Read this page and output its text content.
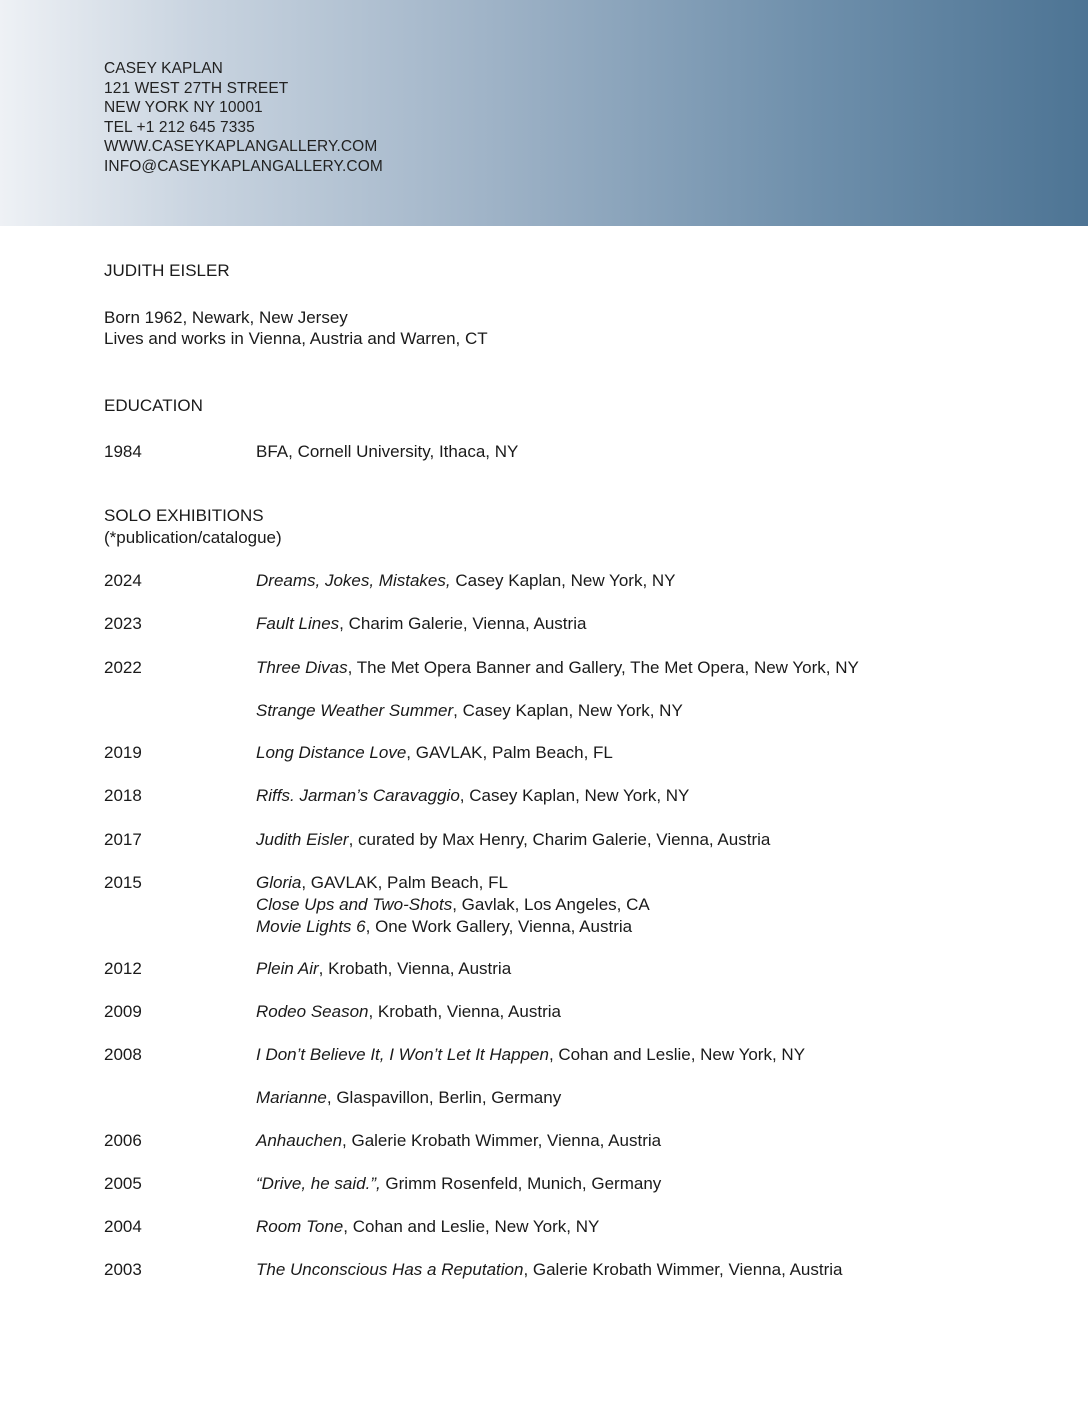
CASEY KAPLAN
121 WEST 27TH STREET
NEW YORK NY 10001
TEL +1 212 645 7335
WWW.CASEYKAPLANGALLERY.COM
INFO@CASEYKAPLANGALLERY.COM
JUDITH EISLER
Born 1962, Newark, New Jersey
Lives and works in Vienna, Austria and Warren, CT
EDUCATION
1984	BFA, Cornell University, Ithaca, NY
SOLO EXHIBITIONS
(*publication/catalogue)
2024	Dreams, Jokes, Mistakes, Casey Kaplan, New York, NY
2023	Fault Lines, Charim Galerie, Vienna, Austria
2022	Three Divas, The Met Opera Banner and Gallery, The Met Opera, New York, NY
Strange Weather Summer, Casey Kaplan, New York, NY
2019	Long Distance Love, GAVLAK, Palm Beach, FL
2018	Riffs. Jarman’s Caravaggio, Casey Kaplan, New York, NY
2017	Judith Eisler, curated by Max Henry, Charim Galerie, Vienna, Austria
2015	Gloria, GAVLAK, Palm Beach, FL
Close Ups and Two-Shots, Gavlak, Los Angeles, CA
Movie Lights 6, One Work Gallery, Vienna, Austria
2012	Plein Air, Krobath, Vienna, Austria
2009	Rodeo Season, Krobath, Vienna, Austria
2008	I Don’t Believe It, I Won’t Let It Happen, Cohan and Leslie, New York, NY
Marianne, Glaspavillon, Berlin, Germany
2006	Anhauchen, Galerie Krobath Wimmer, Vienna, Austria
2005	“Drive, he said.”, Grimm Rosenfeld, Munich, Germany
2004	Room Tone, Cohan and Leslie, New York, NY
2003	The Unconscious Has a Reputation, Galerie Krobath Wimmer, Vienna, Austria
